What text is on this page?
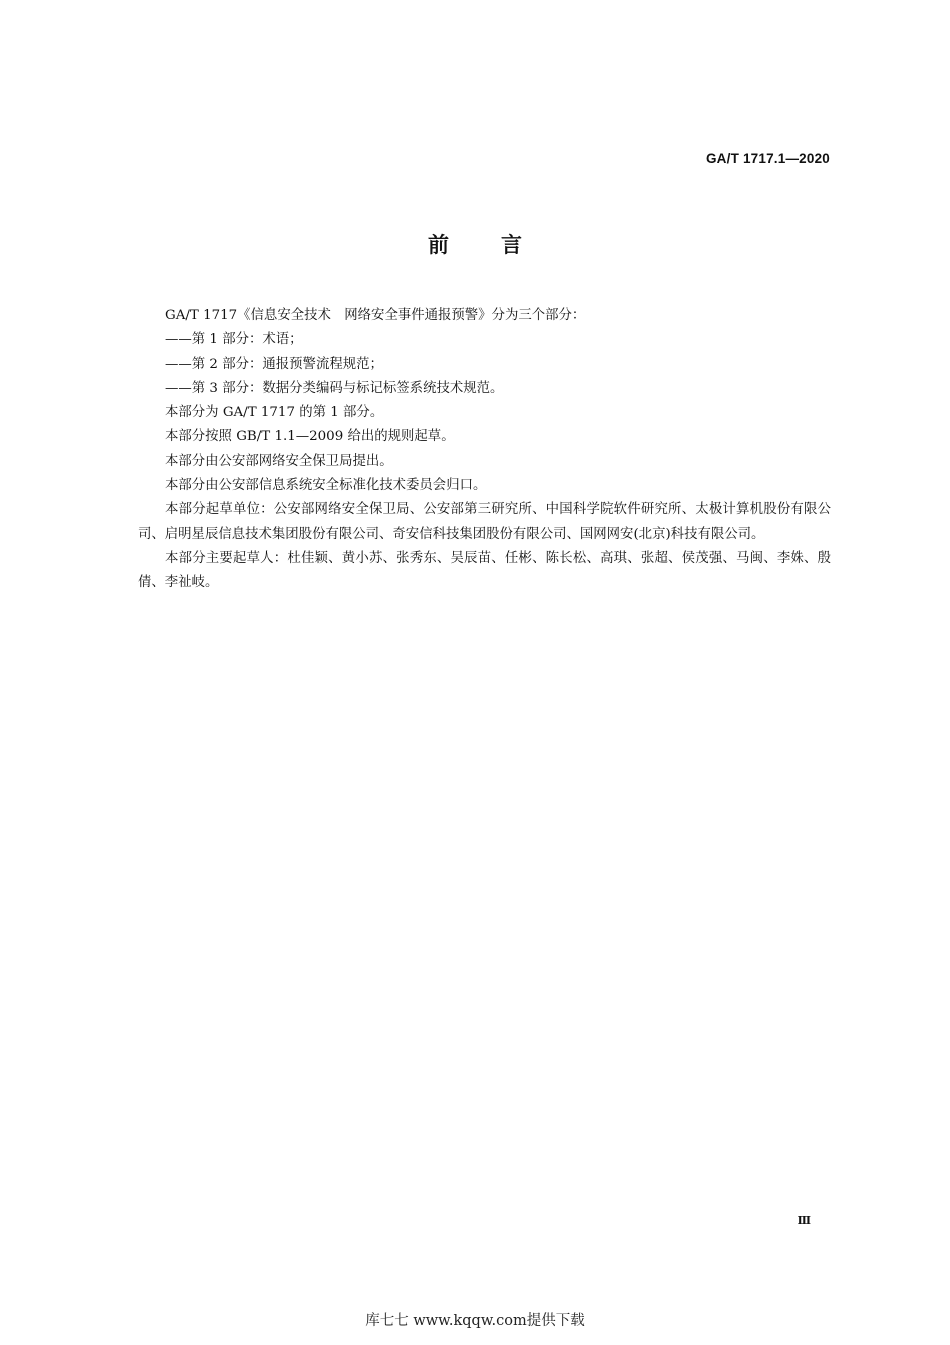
GA/T 1717.1—2020
前言

GA/T 1717《信息安全技术　网络安全事件通报预警》分为三个部分：

——第 1 部分：术语；

——第 2 部分：通报预警流程规范；

——第 3 部分：数据分类编码与标记标签系统技术规范。

本部分为 GA/T 1717 的第 1 部分。

本部分按照 GB/T 1.1—2009 给出的规则起草。

本部分由公安部网络安全保卫局提出。

本部分由公安部信息系统安全标准化技术委员会归口。

本部分起草单位：公安部网络安全保卫局、公安部第三研究所、中国科学院软件研究所、太极计算机股份有限公司、启明星辰信息技术集团股份有限公司、奇安信科技集团股份有限公司、国网网安(北京)科技有限公司。

本部分主要起草人：杜佳颖、黄小苏、张秀东、吴辰苗、任彬、陈长松、高琪、张超、侯茂强、马闽、李姝、殷倩、李祉岐。

Ⅲ
库七七 www.kqqw.com提供下载
